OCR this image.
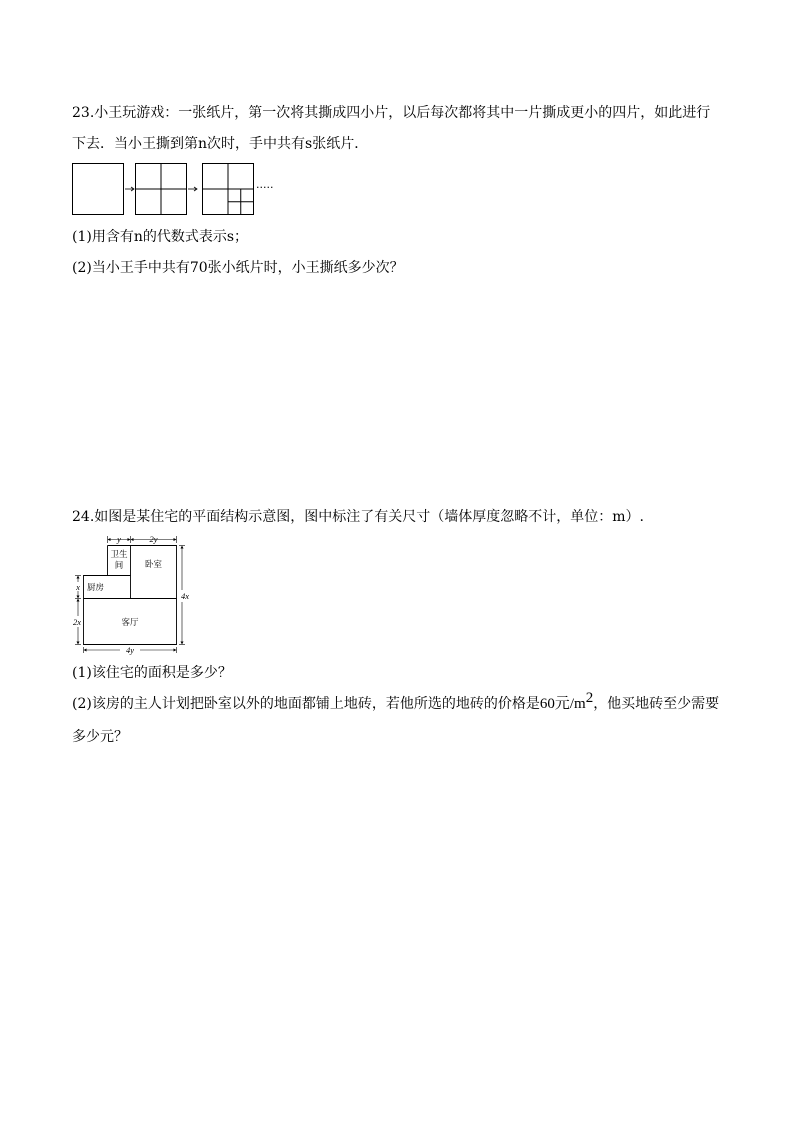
23.小王玩游戏：一张纸片，第一次将其撕成四小片，以后每次都将其中一片撕成更小的四片，如此进行
下去．当小王撕到第n次时，手中共有s张纸片．
·····
(1)用含有n的代数式表示s；
(2)当小王手中共有70张小纸片时，小王撕纸多少次？
24.如图是某住宅的平面结构示意图，图中标注了有关尺寸（墙体厚度忽略不计，单位：m）.
卫生
间	卧室
厨房
客厅
y	2y
4x
x
2x
4y
(1)该住宅的面积是多少？
(2)该房的主人计划把卧室以外的地面都铺上地砖，若他所选的地砖的价格是60元$/m^2$，他买地砖至少需要
多少元？
